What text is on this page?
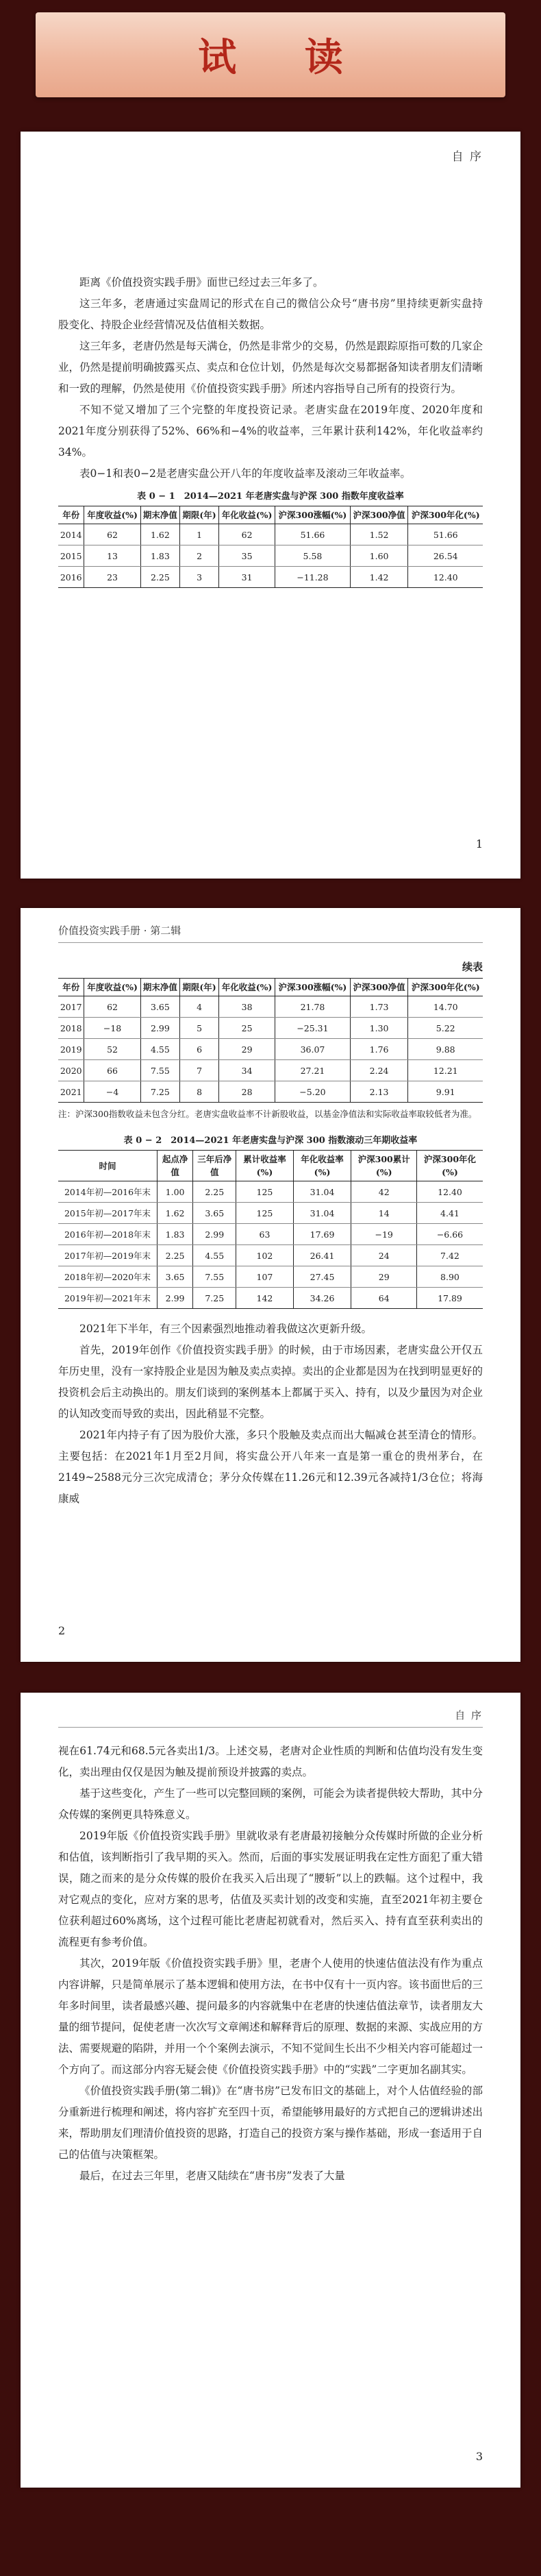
试 读
自 序

距离《价值投资实践手册》面世已经过去三年多了。

这三年多，老唐通过实盘周记的形式在自己的微信公众号“唐书房”里持续更新实盘持股变化、持股企业经营情况及估值相关数据。

这三年多，老唐仍然是每天满仓，仍然是非常少的交易，仍然是跟踪原指可数的几家企业，仍然是提前明确披露买点、卖点和仓位计划，仍然是每次交易都据备知读者朋友们清晰和一致的理解，仍然是使用《价值投资实践手册》所述内容指导自己所有的投资行为。

不知不觉又增加了三个完整的年度投资记录。老唐实盘在2019年度、2020年度和2021年度分别获得了52%、66%和−4%的收益率，三年累计获利142%，年化收益率约34%。

表0−1和表0−2是老唐实盘公开八年的年度收益率及滚动三年收益率。

表 0 − 1　2014—2021 年老唐实盘与沪深 300 指数年度收益率
年份	年度收益(%)	期末净值	期限(年)	年化收益(%)	沪深300涨幅(%)	沪深300净值	沪深300年化(%)
2014	62	1.62	1	62	51.66	1.52	51.66
2015	13	1.83	2	35	5.58	1.60	26.54
2016	23	2.25	3	31	−11.28	1.42	12.40
1
价值投资实践手册 · 第二辑
续表
年份	年度收益(%)	期末净值	期限(年)	年化收益(%)	沪深300涨幅(%)	沪深300净值	沪深300年化(%)
2017	62	3.65	4	38	21.78	1.73	14.70
2018	−18	2.99	5	25	−25.31	1.30	5.22
2019	52	4.55	6	29	36.07	1.76	9.88
2020	66	7.55	7	34	27.21	2.24	12.21
2021	−4	7.25	8	28	−5.20	2.13	9.91
注：沪深300指数收益未包含分红。老唐实盘收益率不计新股收益，以基金净值法和实际收益率取较低者为准。
表 0 − 2　2014—2021 年老唐实盘与沪深 300 指数滚动三年期收益率
时间	起点净值	三年后净值	累计收益率(%)	年化收益率(%)	沪深300累计(%)	沪深300年化(%)
2014年初—2016年末	1.00	2.25	125	31.04	42	12.40
2015年初—2017年末	1.62	3.65	125	31.04	14	4.41
2016年初—2018年末	1.83	2.99	63	17.69	−19	−6.66
2017年初—2019年末	2.25	4.55	102	26.41	24	7.42
2018年初—2020年末	3.65	7.55	107	27.45	29	8.90
2019年初—2021年末	2.99	7.25	142	34.26	64	17.89

2021年下半年，有三个因素强烈地推动着我做这次更新升级。

首先，2019年创作《价值投资实践手册》的时候，由于市场因素，老唐实盘公开仅五年历史里，没有一家持股企业是因为触及卖点卖掉。卖出的企业都是因为在找到明显更好的投资机会后主动换出的。朋友们谈到的案例基本上都属于买入、持有，以及少量因为对企业的认知改变而导致的卖出，因此稍显不完整。

2021年内持子有了因为股价大涨，多只个股触及卖点而出大幅减仓甚至清仓的情形。主要包括：在2021年1月至2月间，将实盘公开八年来一直是第一重仓的贵州茅台，在2149~2588元分三次完成清仓；茅分众传媒在11.26元和12.39元各减持1/3仓位；将海康威

2
自 序

视在61.74元和68.5元各卖出1/3。上述交易，老唐对企业性质的判断和估值均没有发生变化，卖出理由仅仅是因为触及提前预设并披露的卖点。

基于这些变化，产生了一些可以完整回顾的案例，可能会为读者提供较大帮助，其中分众传媒的案例更具特殊意义。

2019年版《价值投资实践手册》里就收录有老唐最初接触分众传媒时所做的企业分析和估值，该判断指引了我早期的买入。然而，后面的事实发展证明我在定性方面犯了重大错误，随之而来的是分众传媒的股价在我买入后出现了“腰斩”以上的跌幅。这个过程中，我对它观点的变化，应对方案的思考，估值及买卖计划的改变和实施，直至2021年初主要仓位获利超过60%离场，这个过程可能比老唐起初就看对，然后买入、持有直至获利卖出的流程更有参考价值。

其次，2019年版《价值投资实践手册》里，老唐个人使用的快速估值法没有作为重点内容讲解，只是简单展示了基本逻辑和使用方法，在书中仅有十一页内容。该书面世后的三年多时间里，读者最感兴趣、提问最多的内容就集中在老唐的快速估值法章节，读者朋友大量的细节提问，促使老唐一次次写文章阐述和解释背后的原理、数据的来源、实战应用的方法、需要规避的陷阱，并用一个个案例去演示，不知不觉间生长出不少相关内容可能超过一个方向了。而这部分内容无疑会使《价值投资实践手册》中的“实践”二字更加名副其实。

《价值投资实践手册(第二辑)》在“唐书房”已发布旧文的基础上，对个人估值经验的部分重新进行梳理和阐述，将内容扩充至四十页，希望能够用最好的方式把自己的逻辑讲述出来，帮助朋友们理清价值投资的思路，打造自己的投资方案与操作基础，形成一套适用于自己的估值与决策框架。

最后，在过去三年里，老唐又陆续在“唐书房”发表了大量

3
